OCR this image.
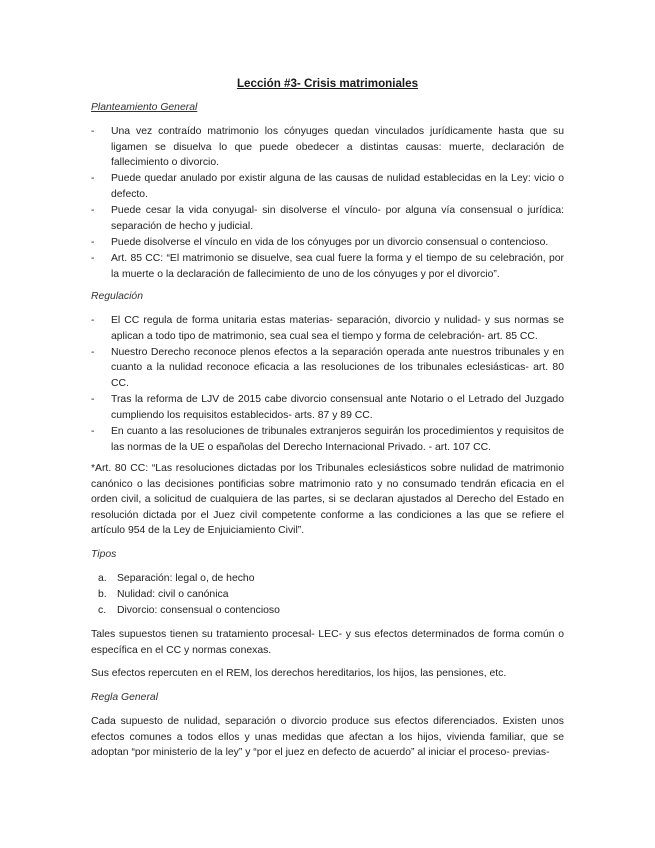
Lección #3- Crisis matrimoniales
Planteamiento General
- Una vez contraído matrimonio los cónyuges quedan vinculados jurídicamente hasta que su ligamen se disuelva lo que puede obedecer a distintas causas: muerte, declaración de fallecimiento o divorcio.
- Puede quedar anulado por existir alguna de las causas de nulidad establecidas en la Ley: vicio o defecto.
- Puede cesar la vida conyugal- sin disolverse el vínculo- por alguna vía consensual o jurídica: separación de hecho y judicial.
- Puede disolverse el vínculo en vida de los cónyuges por un divorcio consensual o contencioso.
- Art. 85 CC: “El matrimonio se disuelve, sea cual fuere la forma y el tiempo de su celebración, por la muerte o la declaración de fallecimiento de uno de los cónyuges y por el divorcio”.
Regulación
- El CC regula de forma unitaria estas materias- separación, divorcio y nulidad- y sus normas se aplican a todo tipo de matrimonio, sea cual sea el tiempo y forma de celebración- art. 85 CC.
- Nuestro Derecho reconoce plenos efectos a la separación operada ante nuestros tribunales y en cuanto a la nulidad reconoce eficacia a las resoluciones de los tribunales eclesiásticas- art. 80 CC.
- Tras la reforma de LJV de 2015 cabe divorcio consensual ante Notario o el Letrado del Juzgado cumpliendo los requisitos establecidos- arts. 87 y 89 CC.
- En cuanto a las resoluciones de tribunales extranjeros seguirán los procedimientos y requisitos de las normas de la UE o españolas del Derecho Internacional Privado. - art. 107 CC.

*Art. 80 CC: “Las resoluciones dictadas por los Tribunales eclesiásticos sobre nulidad de matrimonio canónico o las decisiones pontificias sobre matrimonio rato y no consumado tendrán eficacia en el orden civil, a solicitud de cualquiera de las partes, si se declaran ajustados al Derecho del Estado en resolución dictada por el Juez civil competente conforme a las condiciones a las que se refiere el artículo 954 de la Ley de Enjuiciamiento Civil”.

Tipos
a. Separación: legal o, de hecho
b. Nulidad: civil o canónica
c. Divorcio: consensual o contencioso

Tales supuestos tienen su tratamiento procesal- LEC- y sus efectos determinados de forma común o específica en el CC y normas conexas.

Sus efectos repercuten en el REM, los derechos hereditarios, los hijos, las pensiones, etc.

Regla General

Cada supuesto de nulidad, separación o divorcio produce sus efectos diferenciados. Existen unos efectos comunes a todos ellos y unas medidas que afectan a los hijos, vivienda familiar, que se adoptan “por ministerio de la ley” y “por el juez en defecto de acuerdo” al iniciar el proceso- previas-
